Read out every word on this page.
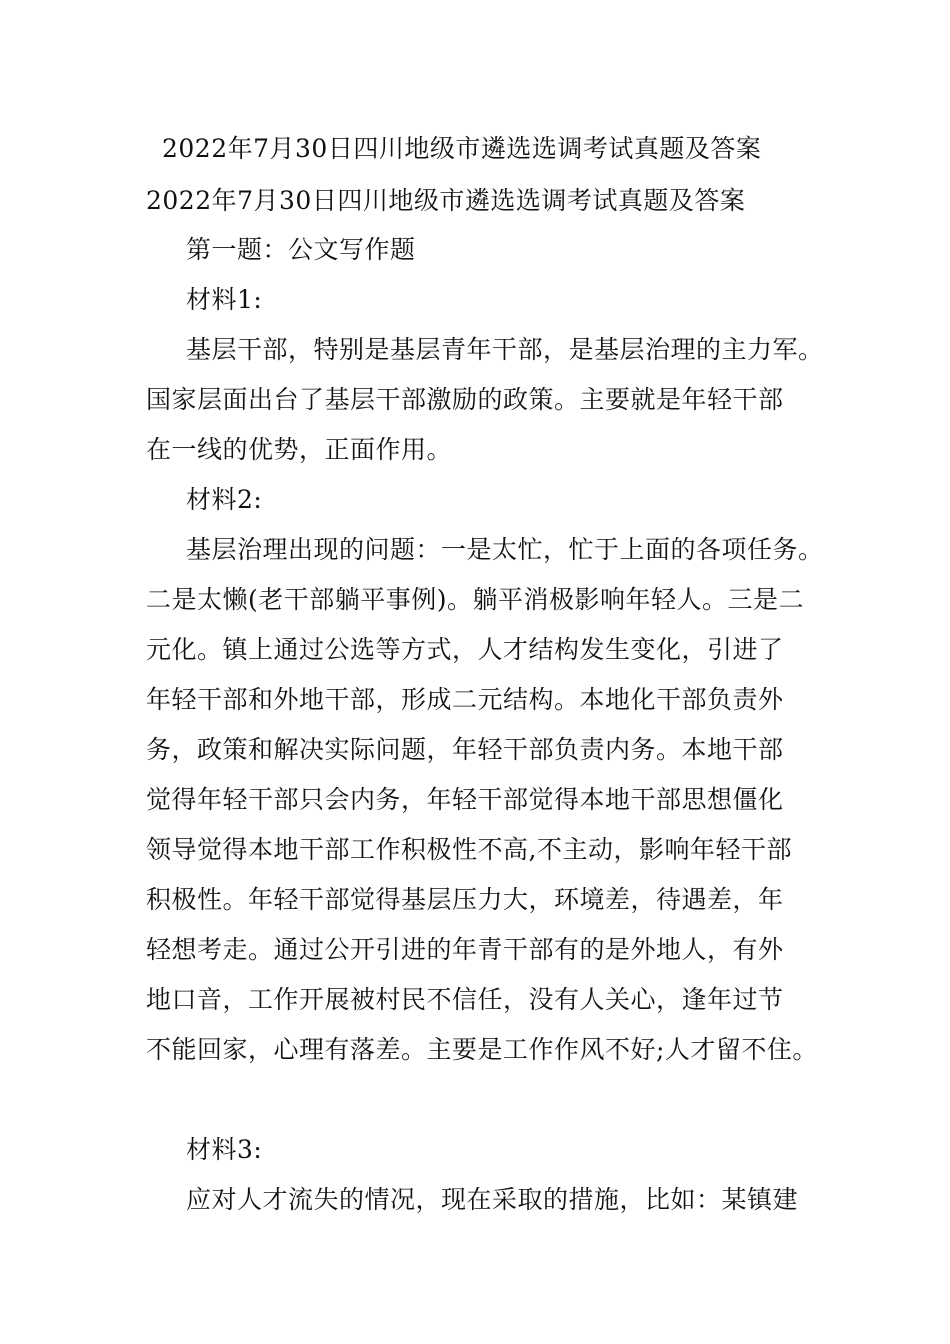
2022年7月30日四川地级市遴选选调考试真题及答案
2022年7月30日四川地级市遴选选调考试真题及答案
第一题：公文写作题
材料1:
基层干部，特别是基层青年干部，是基层治理的主力军。
国家层面出台了基层干部激励的政策。主要就是年轻干部
在一线的优势，正面作用。
材料2:
基层治理出现的问题：一是太忙，忙于上面的各项任务。
二是太懒(老干部躺平事例)。躺平消极影响年轻人。三是二
元化。镇上通过公选等方式，人才结构发生变化，引进了
年轻干部和外地干部，形成二元结构。本地化干部负责外
务，政策和解决实际问题，年轻干部负责内务。本地干部
觉得年轻干部只会内务，年轻干部觉得本地干部思想僵化
领导觉得本地干部工作积极性不高,不主动，影响年轻干部
积极性。年轻干部觉得基层压力大，环境差，待遇差，年
轻想考走。通过公开引进的年青干部有的是外地人，有外
地口音，工作开展被村民不信任，没有人关心，逢年过节
不能回家，心理有落差。主要是工作作风不好;人才留不住。
材料3:
应对人才流失的情况，现在采取的措施，比如：某镇建
